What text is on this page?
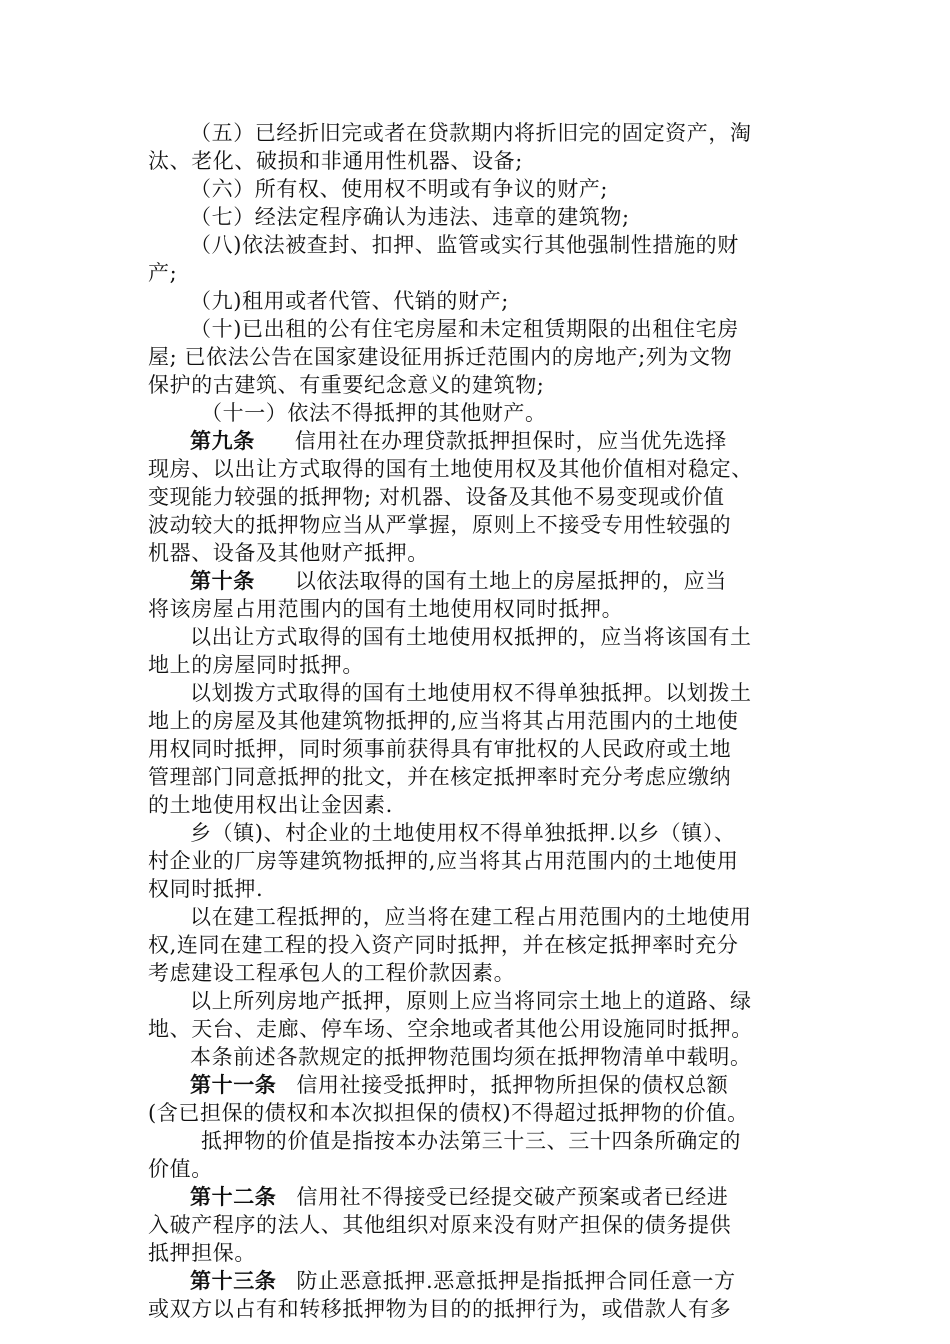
（五）已经折旧完或者在贷款期内将折旧完的固定资产，淘
汰、老化、破损和非通用性机器、设备;
（六）所有权、使用权不明或有争议的财产;
（七）经法定程序确认为违法、违章的建筑物;
（八)依法被查封、扣押、监管或实行其他强制性措施的财
产;
（九)租用或者代管、代销的财产;
（十)已出租的公有住宅房屋和未定租赁期限的出租住宅房
屋; 已依法公告在国家建设征用拆迁范围内的房地产;列为文物
保护的古建筑、有重要纪念意义的建筑物;
（十一）依法不得抵押的其他财产。
第九条 信用社在办理贷款抵押担保时，应当优先选择
现房、以出让方式取得的国有土地使用权及其他价值相对稳定、
变现能力较强的抵押物; 对机器、设备及其他不易变现或价值
波动较大的抵押物应当从严掌握，原则上不接受专用性较强的
机器、设备及其他财产抵押。
第十条 以依法取得的国有土地上的房屋抵押的，应当
将该房屋占用范围内的国有土地使用权同时抵押。
以出让方式取得的国有土地使用权抵押的，应当将该国有土
地上的房屋同时抵押。
以划拨方式取得的国有土地使用权不得单独抵押。以划拨土
地上的房屋及其他建筑物抵押的,应当将其占用范围内的土地使
用权同时抵押，同时须事前获得具有审批权的人民政府或土地
管理部门同意抵押的批文，并在核定抵押率时充分考虑应缴纳
的土地使用权出让金因素.
乡（镇)、村企业的土地使用权不得单独抵押.以乡（镇）、
村企业的厂房等建筑物抵押的,应当将其占用范围内的土地使用
权同时抵押.
以在建工程抵押的，应当将在建工程占用范围内的土地使用
权,连同在建工程的投入资产同时抵押，并在核定抵押率时充分
考虑建设工程承包人的工程价款因素。
以上所列房地产抵押，原则上应当将同宗土地上的道路、绿
地、天台、走廊、停车场、空余地或者其他公用设施同时抵押。
本条前述各款规定的抵押物范围均须在抵押物清单中载明。
第十一条 信用社接受抵押时，抵押物所担保的债权总额
(含已担保的债权和本次拟担保的债权)不得超过抵押物的价值。
抵押物的价值是指按本办法第三十三、三十四条所确定的
价值。
第十二条 信用社不得接受已经提交破产预案或者已经进
入破产程序的法人、其他组织对原来没有财产担保的债务提供
抵押担保。
第十三条 防止恶意抵押.恶意抵押是指抵押合同任意一方
或双方以占有和转移抵押物为目的的抵押行为，或借款人有多
